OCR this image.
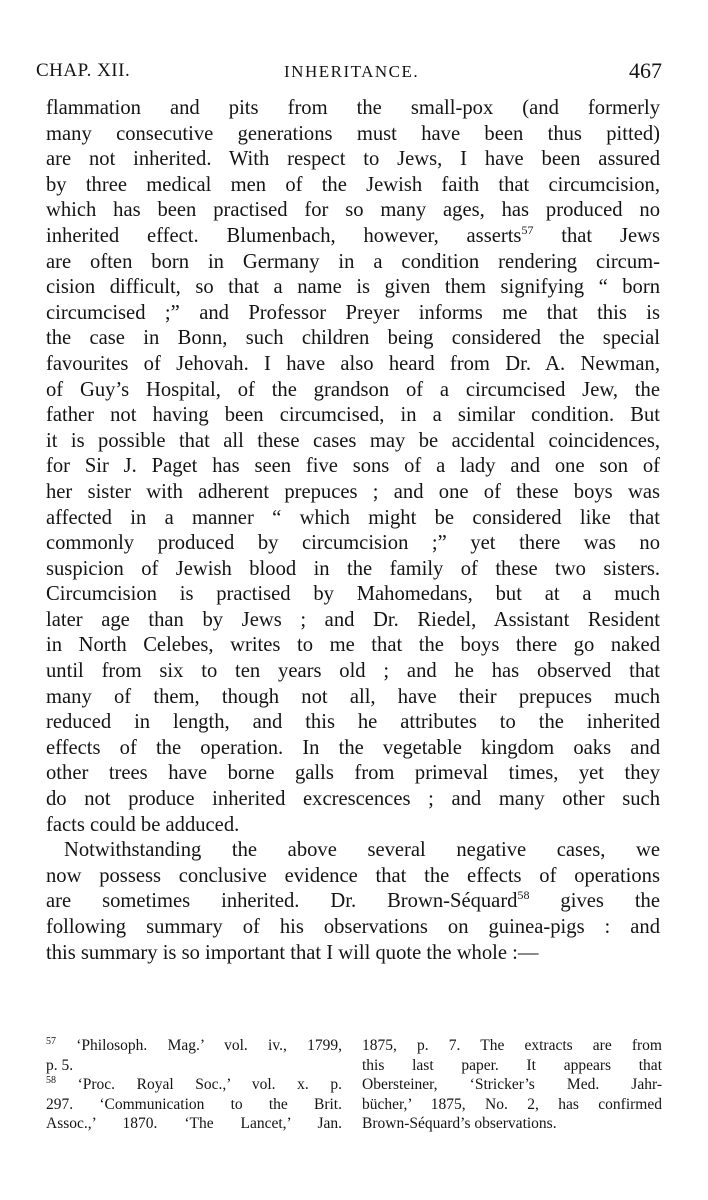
CHAP. XII.	INHERITANCE.	467
flammation and pits from the small-pox (and formerly
many consecutive generations must have been thus pitted)
are not inherited. With respect to Jews, I have been assured
by three medical men of the Jewish faith that circumcision,
which has been practised for so many ages, has produced no
inherited effect. Blumenbach, however, asserts$^{57}$ that Jews
are often born in Germany in a condition rendering circum-
cision difficult, so that a name is given them signifying “ born
circumcised ;” and Professor Preyer informs me that this is
the case in Bonn, such children being considered the special
favourites of Jehovah. I have also heard from Dr. A. Newman,
of Guy’s Hospital, of the grandson of a circumcised Jew, the
father not having been circumcised, in a similar condition. But
it is possible that all these cases may be accidental coincidences,
for Sir J. Paget has seen five sons of a lady and one son of
her sister with adherent prepuces ; and one of these boys was
affected in a manner “ which might be considered like that
commonly produced by circumcision ;” yet there was no
suspicion of Jewish blood in the family of these two sisters.
Circumcision is practised by Mahomedans, but at a much
later age than by Jews ; and Dr. Riedel, Assistant Resident
in North Celebes, writes to me that the boys there go naked
until from six to ten years old ; and he has observed that
many of them, though not all, have their prepuces much
reduced in length, and this he attributes to the inherited
effects of the operation. In the vegetable kingdom oaks and
other trees have borne galls from primeval times, yet they
do not produce inherited excrescences ; and many other such
facts could be adduced.
Notwithstanding the above several negative cases, we
now possess conclusive evidence that the effects of operations
are sometimes inherited. Dr. Brown-Séquard$^{58}$ gives the
following summary of his observations on guinea-pigs : and
this summary is so important that I will quote the whole :—
$^{57}$ ‘Philosoph. Mag.’ vol. iv., 1799,
p. 5.
$^{58}$ ‘Proc. Royal Soc.,’ vol. x. p.
297. ‘Communication to the Brit.
Assoc.,’ 1870. ‘The Lancet,’ Jan.
1875, p. 7. The extracts are from
this last paper. It appears that
Obersteiner, ‘Stricker’s Med. Jahr-
bücher,’ 1875, No. 2, has confirmed
Brown-Séquard’s observations.
